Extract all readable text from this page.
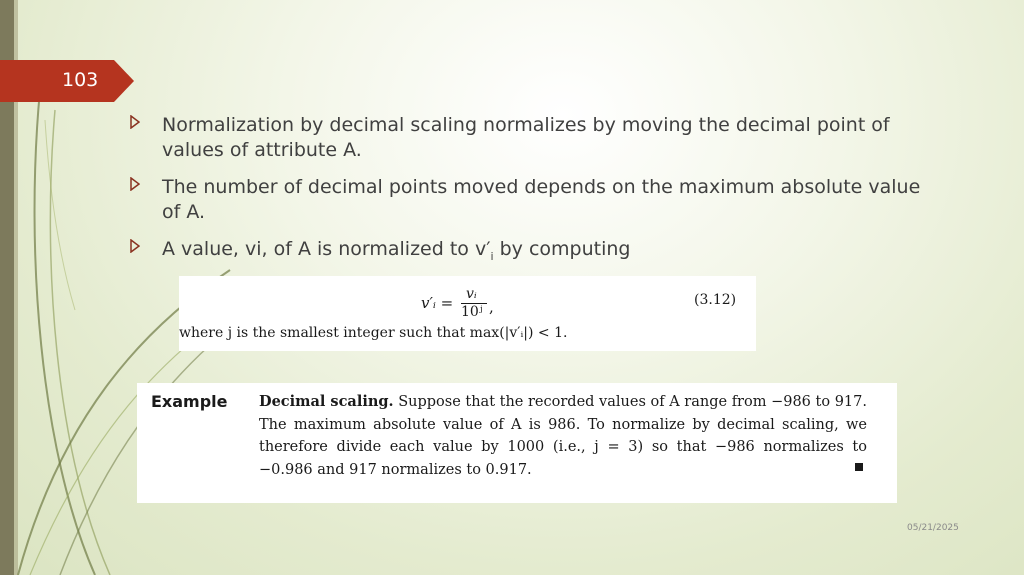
103
Normalization by decimal scaling normalizes by moving the decimal point of values of attribute A.
The number of decimal points moved depends on the maximum absolute value of A.
A value, vi, of A is normalized to $v'_i$ by computing
v′ᵢ = vᵢ
10ʲ ,	(3.12)
where j is the smallest integer such that max(|v′ᵢ|) < 1.
Example Decimal scaling. Suppose that the recorded values of A range from −986 to 917. The maximum absolute value of A is 986. To normalize by decimal scaling, we therefore divide each value by 1000 (i.e., j = 3) so that −986 normalizes to −0.986 and 917 normalizes to 0.917.
05/21/2025
